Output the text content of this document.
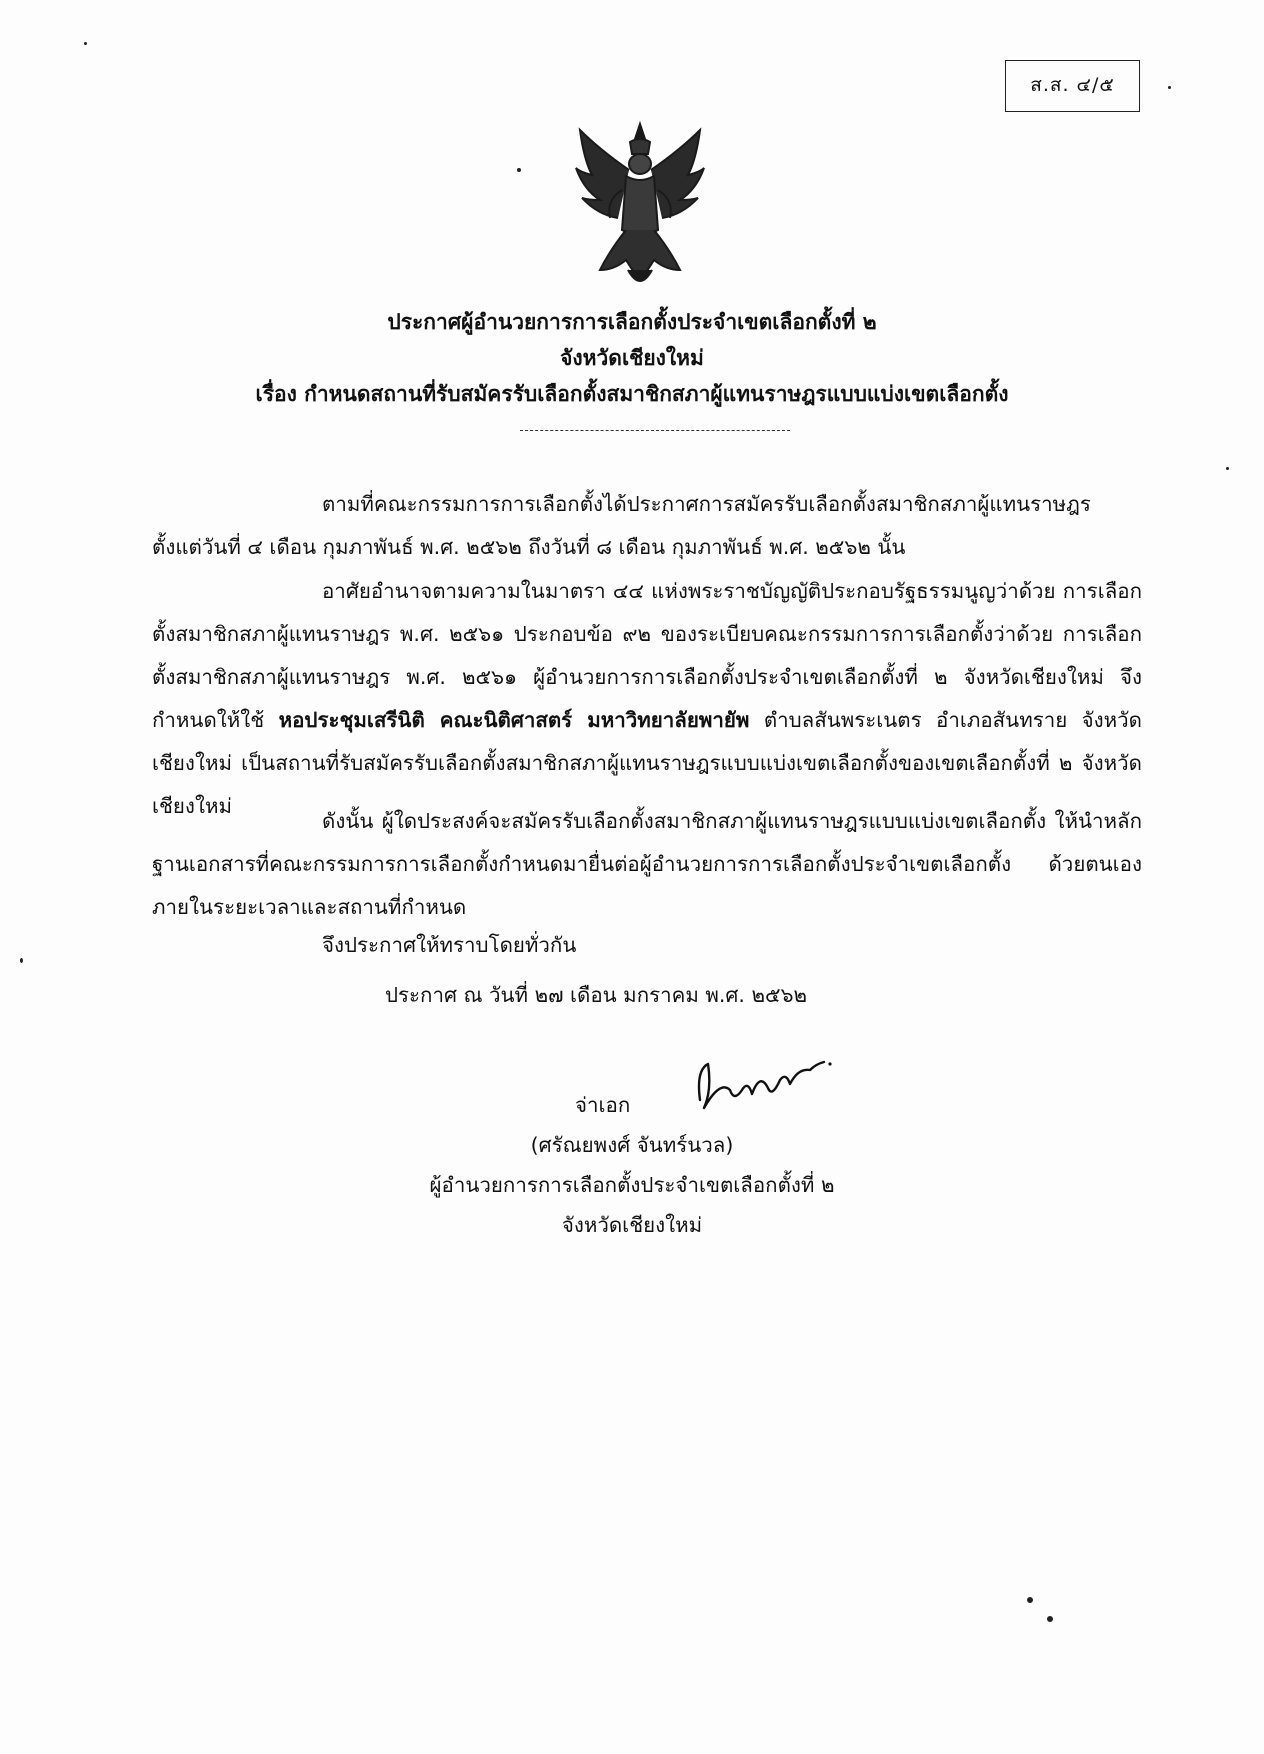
ส.ส. ๔/๕
ประกาศผู้อำนวยการการเลือกตั้งประจำเขตเลือกตั้งที่ ๒
จังหวัดเชียงใหม่
เรื่อง กำหนดสถานที่รับสมัครรับเลือกตั้งสมาชิกสภาผู้แทนราษฎรแบบแบ่งเขตเลือกตั้ง
ตามที่คณะกรรมการการเลือกตั้งได้ประกาศการสมัครรับเลือกตั้งสมาชิกสภาผู้แทนราษฎร ตั้งแต่วันที่ ๔ เดือน กุมภาพันธ์ พ.ศ. ๒๕๖๒ ถึงวันที่ ๘ เดือน กุมภาพันธ์ พ.ศ. ๒๕๖๒ นั้น
อาศัยอำนาจตามความในมาตรา ๔๔ แห่งพระราชบัญญัติประกอบรัฐธรรมนูญว่าด้วย การเลือกตั้งสมาชิกสภาผู้แทนราษฎร พ.ศ. ๒๕๖๑ ประกอบข้อ ๙๒ ของระเบียบคณะกรรมการการเลือกตั้งว่าด้วย การเลือกตั้งสมาชิกสภาผู้แทนราษฎร พ.ศ. ๒๕๖๑ ผู้อำนวยการการเลือกตั้งประจำเขตเลือกตั้งที่ ๒ จังหวัดเชียงใหม่ จึงกำหนดให้ใช้ หอประชุมเสรีนิติ คณะนิติศาสตร์ มหาวิทยาลัยพายัพ ตำบลสันพระเนตร อำเภอสันทราย จังหวัดเชียงใหม่ เป็นสถานที่รับสมัครรับเลือกตั้งสมาชิกสภาผู้แทนราษฎรแบบแบ่งเขตเลือกตั้งของเขตเลือกตั้งที่ ๒ จังหวัดเชียงใหม่
ดังนั้น ผู้ใดประสงค์จะสมัครรับเลือกตั้งสมาชิกสภาผู้แทนราษฎรแบบแบ่งเขตเลือกตั้ง ให้นำหลักฐานเอกสารที่คณะกรรมการการเลือกตั้งกำหนดมายื่นต่อผู้อำนวยการการเลือกตั้งประจำเขตเลือกตั้ง ด้วยตนเองภายในระยะเวลาและสถานที่กำหนด
จึงประกาศให้ทราบโดยทั่วกัน
ประกาศ ณ วันที่ ๒๗ เดือน มกราคม พ.ศ. ๒๕๖๒
จ่าเอก
(ศรัณยพงศ์ จันทร์นวล)
ผู้อำนวยการการเลือกตั้งประจำเขตเลือกตั้งที่ ๒
จังหวัดเชียงใหม่
